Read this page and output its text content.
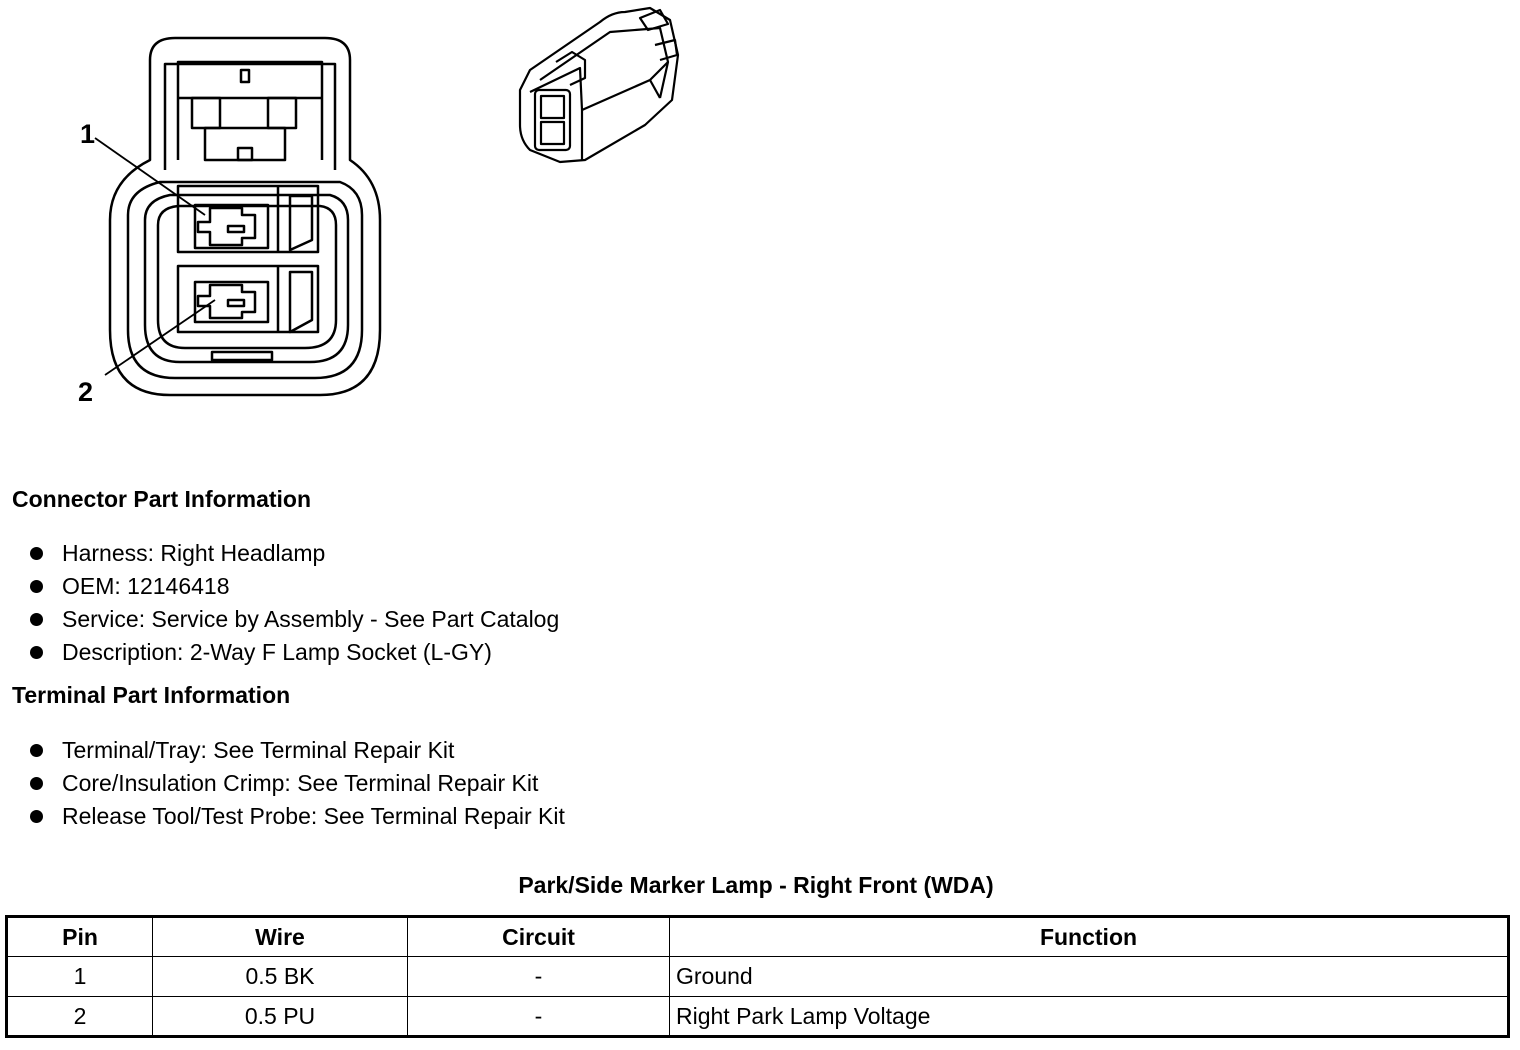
1
2
Connector Part Information
Harness: Right Headlamp
OEM: 12146418
Service: Service by Assembly - See Part Catalog
Description: 2-Way F Lamp Socket (L-GY)
Terminal Part Information
Terminal/Tray: See Terminal Repair Kit
Core/Insulation Crimp: See Terminal Repair Kit
Release Tool/Test Probe: See Terminal Repair Kit
Park/Side Marker Lamp - Right Front (WDA)
Pin	Wire	Circuit	Function
1	0.5 BK	-	Ground
2	0.5 PU	-	Right Park Lamp Voltage
